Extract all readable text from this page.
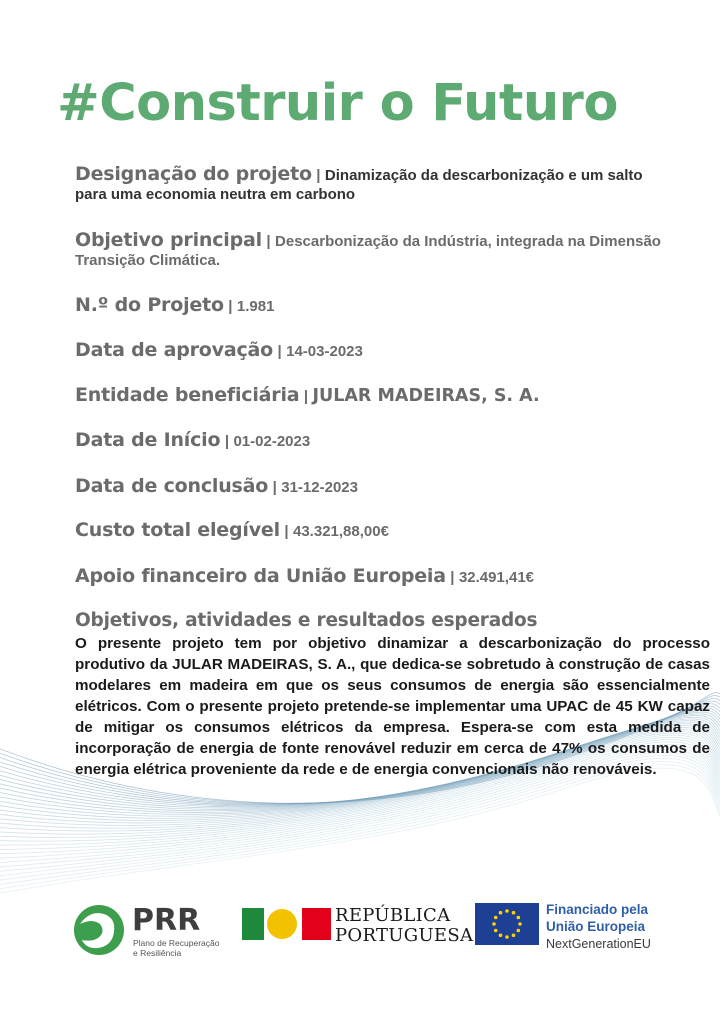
#Construir o Futuro
Designação do projeto | Dinamização da descarbonização e um salto
para uma economia neutra em carbono
Objetivo principal | Descarbonização da Indústria, integrada na Dimensão
Transição Climática.
N.º do Projeto | 1.981
Data de aprovação | 14-03-2023
Entidade beneficiária | JULAR MADEIRAS, S. A.
Data de Início | 01-02-2023
Data de conclusão | 31-12-2023
Custo total elegível | 43.321,88,00€
Apoio financeiro da União Europeia | 32.491,41€
Objetivos, atividades e resultados esperados
O presente projeto tem por objetivo dinamizar a descarbonização do processo produtivo da JULAR MADEIRAS, S. A., que dedica-se sobretudo à construção de casas modelares em madeira em que os seus consumos de energia são essencialmente elétricos. Com o presente projeto pretende-se implementar uma UPAC de 45 KW capaz de mitigar os consumos elétricos da empresa. Espera-se com esta medida de incorporação de energia de fonte renovável reduzir em cerca de 47% os consumos de energia elétrica proveniente da rede e de energia convencionais não renováveis.
PRR
Plano de Recuperação
e Resiliência
REPÚBLICA
PORTUGUESA
Financiado pela
União Europeia
NextGenerationEU
